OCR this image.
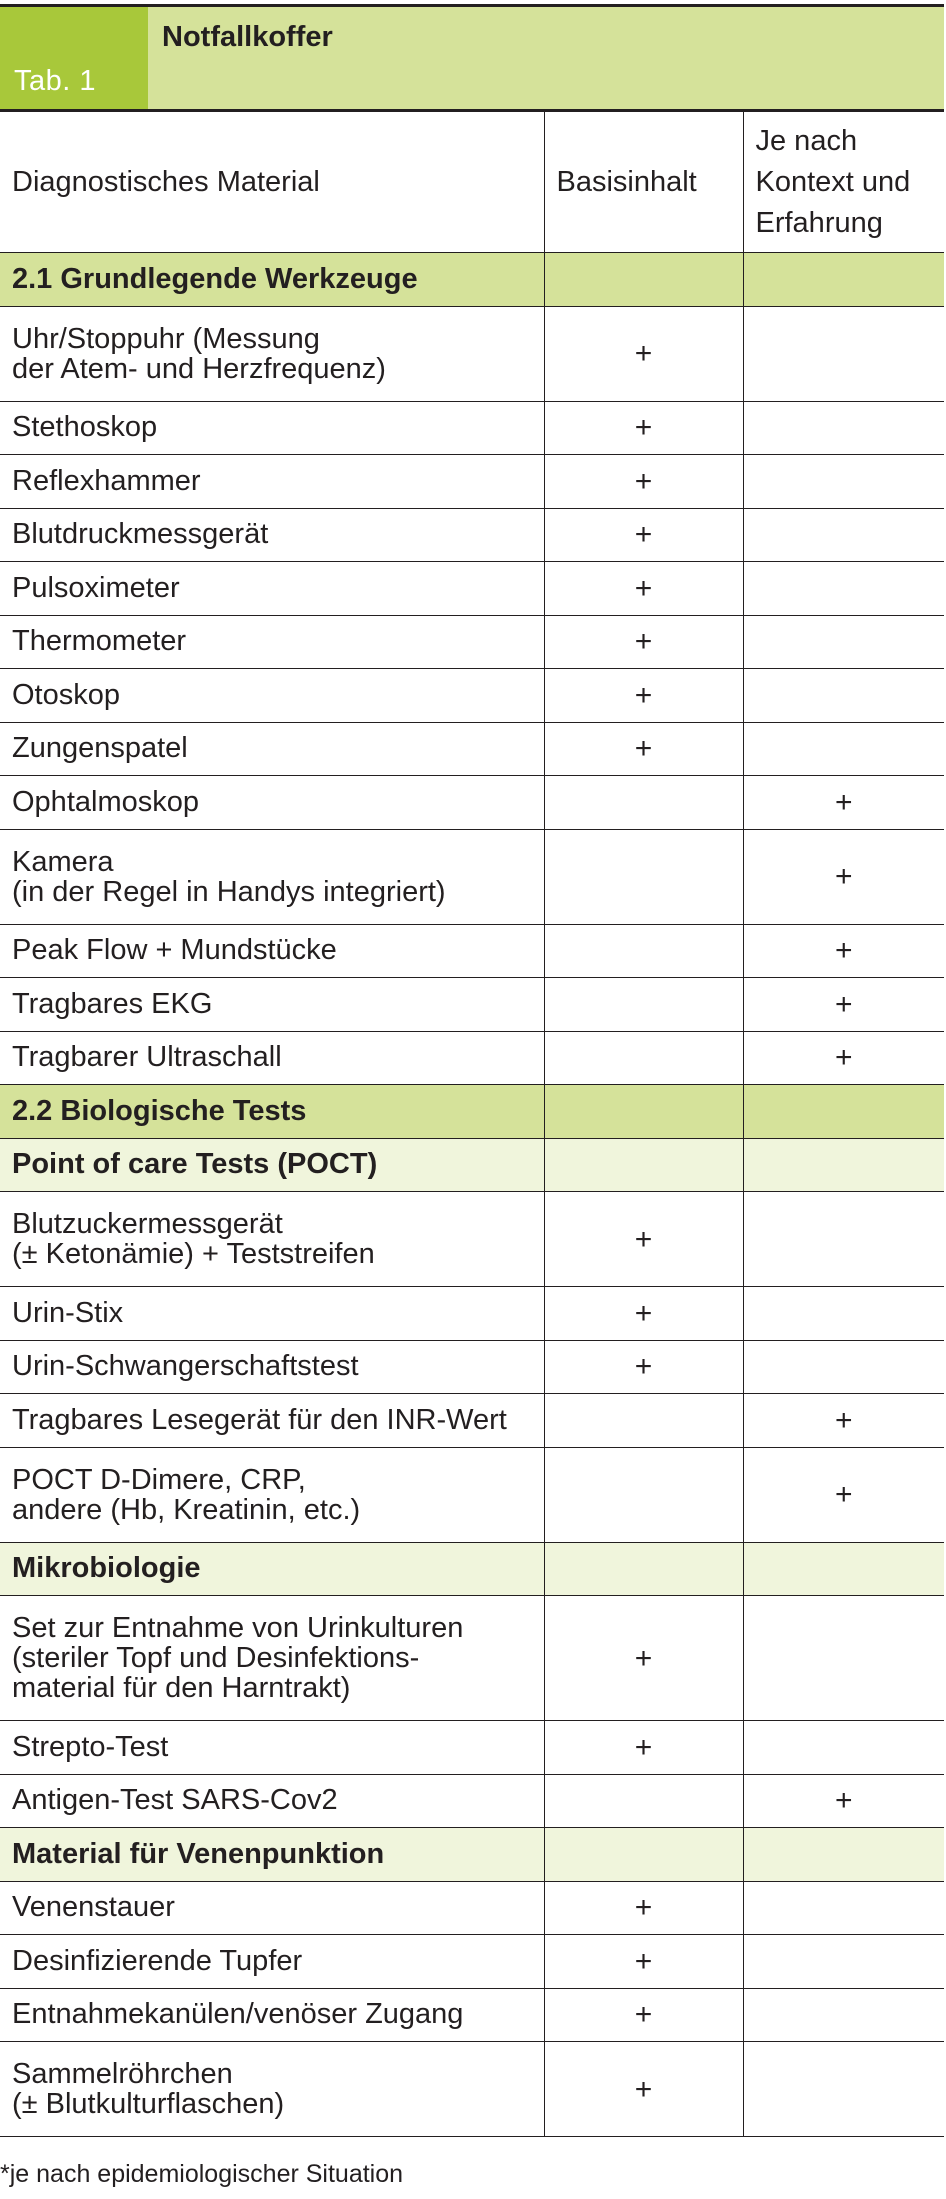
Tab. 1
Notfallkoffer
Diagnostisches Material	Basisinhalt	Je nach
Kontext und
Erfahrung

2.1 Grundlegende Werkzeuge		

Uhr/Stoppuhr (Messung
der Atem- und Herzfrequenz)	+	

Stethoskop	+	

Reflexhammer	+	

Blutdruckmessgerät	+	

Pulsoximeter	+	

Thermometer	+	

Otoskop	+	

Zungenspatel	+	

Ophtalmoskop		+

Kamera
(in der Regel in Handys integriert)		+

Peak Flow + Mundstücke		+

Tragbares EKG		+

Tragbarer Ultraschall		+

2.2 Biologische Tests		

Point of care Tests (POCT)		

Blutzuckermessgerät
(± Ketonämie) + Teststreifen	+	

Urin-Stix	+	

Urin-Schwangerschaftstest	+	

Tragbares Lesegerät für den INR-Wert		+

POCT D-Dimere, CRP,
andere (Hb, Kreatinin, etc.)		+

Mikrobiologie		

Set zur Entnahme von Urinkulturen
(steriler Topf und Desinfektions-
material für den Harntrakt)	+	

Strepto-Test	+	

Antigen-Test SARS-Cov2		+

Material für Venenpunktion		

Venenstauer	+	

Desinfizierende Tupfer	+	

Entnahmekanülen/venöser Zugang	+	

Sammelröhrchen
(± Blutkulturflaschen)	+	
*je nach epidemiologischer Situation
